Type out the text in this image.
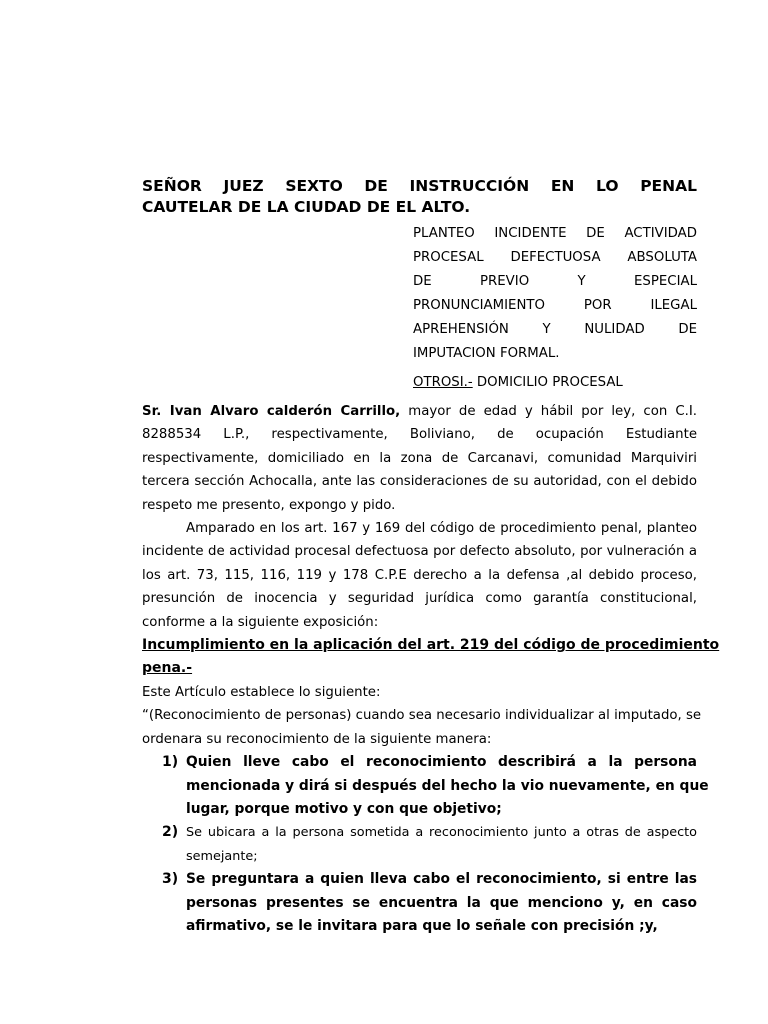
SEÑOR JUEZ SEXTO DE INSTRUCCIÓN EN LO PENAL
CAUTELAR DE LA CIUDAD DE EL ALTO.
PLANTEO INCIDENTE DE ACTIVIDAD
PROCESAL DEFECTUOSA ABSOLUTA
DE PREVIO Y ESPECIAL
PRONUNCIAMIENTO POR ILEGAL
APREHENSIÓN Y NULIDAD DE
IMPUTACION FORMAL.
OTROSI.- DOMICILIO PROCESAL
Sr. Ivan Alvaro calderón Carrillo, mayor de edad y hábil por ley, con C.I.
8288534 L.P., respectivamente, Boliviano, de ocupación Estudiante
respectivamente, domiciliado en la zona de Carcanavi, comunidad Marquiviri
tercera sección Achocalla, ante las consideraciones de su autoridad, con el debido
respeto me presento, expongo y pido.
Amparado en los art. 167 y 169 del código de procedimiento penal, planteo
incidente de actividad procesal defectuosa por defecto absoluto, por vulneración a
los art. 73, 115, 116, 119 y 178 C.P.E derecho a la defensa ,al debido proceso,
presunción de inocencia y seguridad jurídica como garantía constitucional,
conforme a la siguiente exposición:
Incumplimiento en la aplicación del art. 219 del código de procedimiento
pena.-
Este Artículo establece lo siguiente:
“(Reconocimiento de personas) cuando sea necesario individualizar al imputado, se
ordenara su reconocimiento de la siguiente manera:
1) Quien lleve cabo el reconocimiento describirá a la persona
mencionada y dirá si después del hecho la vio nuevamente, en que
lugar, porque motivo y con que objetivo;
2) Se ubicara a la persona sometida a reconocimiento junto a otras de aspecto
semejante;
3) Se preguntara a quien lleva cabo el reconocimiento, si entre las
personas presentes se encuentra la que menciono y, en caso
afirmativo, se le invitara para que lo señale con precisión ;y,
